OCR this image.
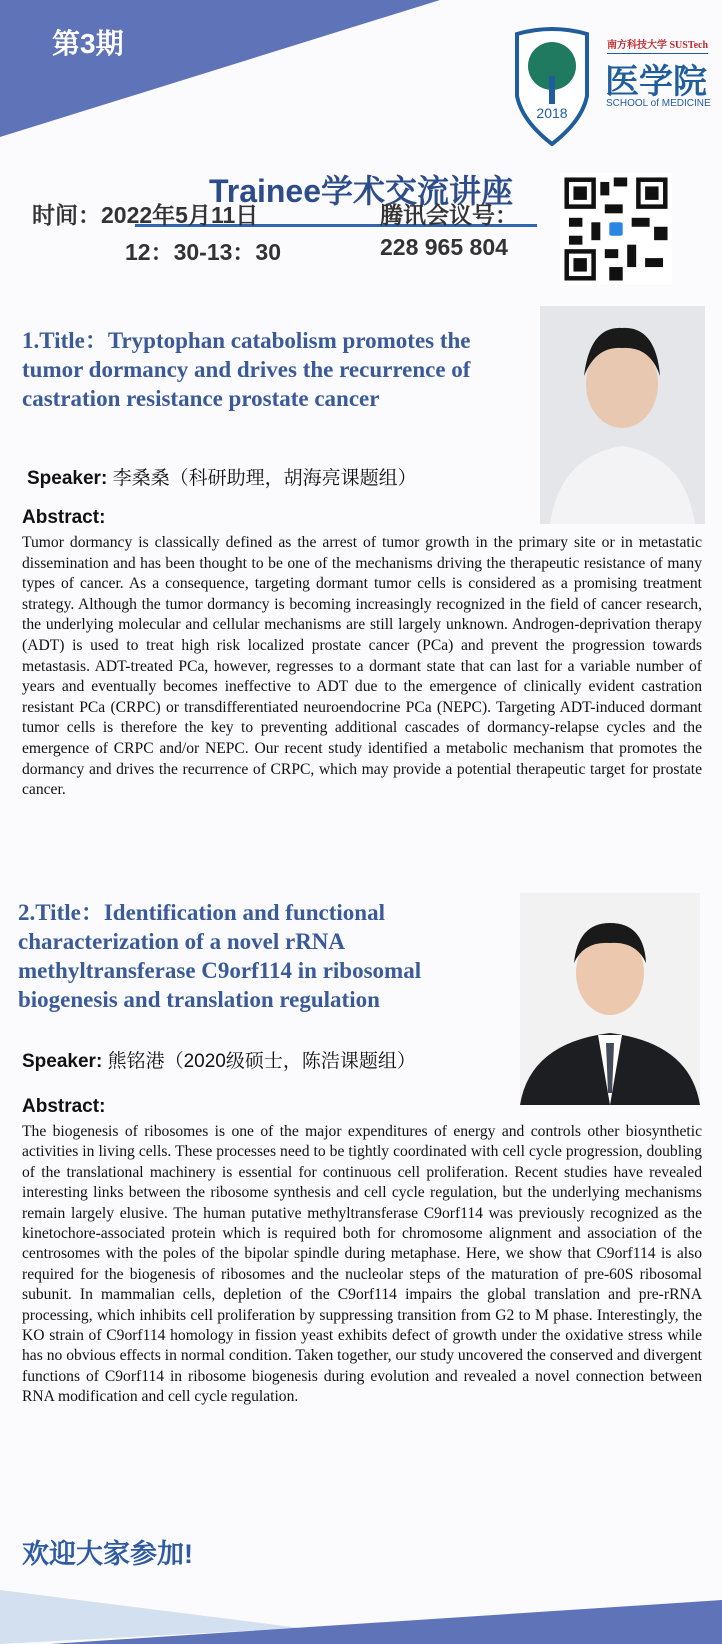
第3期
2018
南方科技大学 SUSTech
医学院
SCHOOL of MEDICINE
Trainee学术交流讲座
时间：2022年5月11日
12：30-13：30
腾讯会议号：
228 965 804
1.Title：Tryptophan catabolism promotes the tumor dormancy and drives the recurrence of castration resistance prostate cancer
Speaker: 李桑桑（科研助理，胡海亮课题组）
Abstract:
Tumor dormancy is classically defined as the arrest of tumor growth in the primary site or in metastatic dissemination and has been thought to be one of the mechanisms driving the therapeutic resistance of many types of cancer. As a consequence, targeting dormant tumor cells is considered as a promising treatment strategy. Although the tumor dormancy is becoming increasingly recognized in the field of cancer research, the underlying molecular and cellular mechanisms are still largely unknown. Androgen-deprivation therapy (ADT) is used to treat high risk localized prostate cancer (PCa) and prevent the progression towards metastasis. ADT-treated PCa, however, regresses to a dormant state that can last for a variable number of years and eventually becomes ineffective to ADT due to the emergence of clinically evident castration resistant PCa (CRPC) or transdifferentiated neuroendocrine PCa (NEPC). Targeting ADT-induced dormant tumor cells is therefore the key to preventing additional cascades of dormancy-relapse cycles and the emergence of CRPC and/or NEPC. Our recent study identified a metabolic mechanism that promotes the dormancy and drives the recurrence of CRPC, which may provide a potential therapeutic target for prostate cancer.
2.Title：Identification and functional characterization of a novel rRNA methyltransferase C9orf114 in ribosomal biogenesis and translation regulation
Speaker: 熊铭港（2020级硕士，陈浩课题组）
Abstract:
The biogenesis of ribosomes is one of the major expenditures of energy and controls other biosynthetic activities in living cells. These processes need to be tightly coordinated with cell cycle progression, doubling of the translational machinery is essential for continuous cell proliferation. Recent studies have revealed interesting links between the ribosome synthesis and cell cycle regulation, but the underlying mechanisms remain largely elusive. The human putative methyltransferase C9orf114 was previously recognized as the kinetochore-associated protein which is required both for chromosome alignment and association of the centrosomes with the poles of the bipolar spindle during metaphase. Here, we show that C9orf114 is also required for the biogenesis of ribosomes and the nucleolar steps of the maturation of pre-60S ribosomal subunit. In mammalian cells, depletion of the C9orf114 impairs the global translation and pre-rRNA processing, which inhibits cell proliferation by suppressing transition from G2 to M phase. Interestingly, the KO strain of C9orf114 homology in fission yeast exhibits defect of growth under the oxidative stress while has no obvious effects in normal condition. Taken together, our study uncovered the conserved and divergent functions of C9orf114 in ribosome biogenesis during evolution and revealed a novel connection between RNA modification and cell cycle regulation.
欢迎大家参加!
